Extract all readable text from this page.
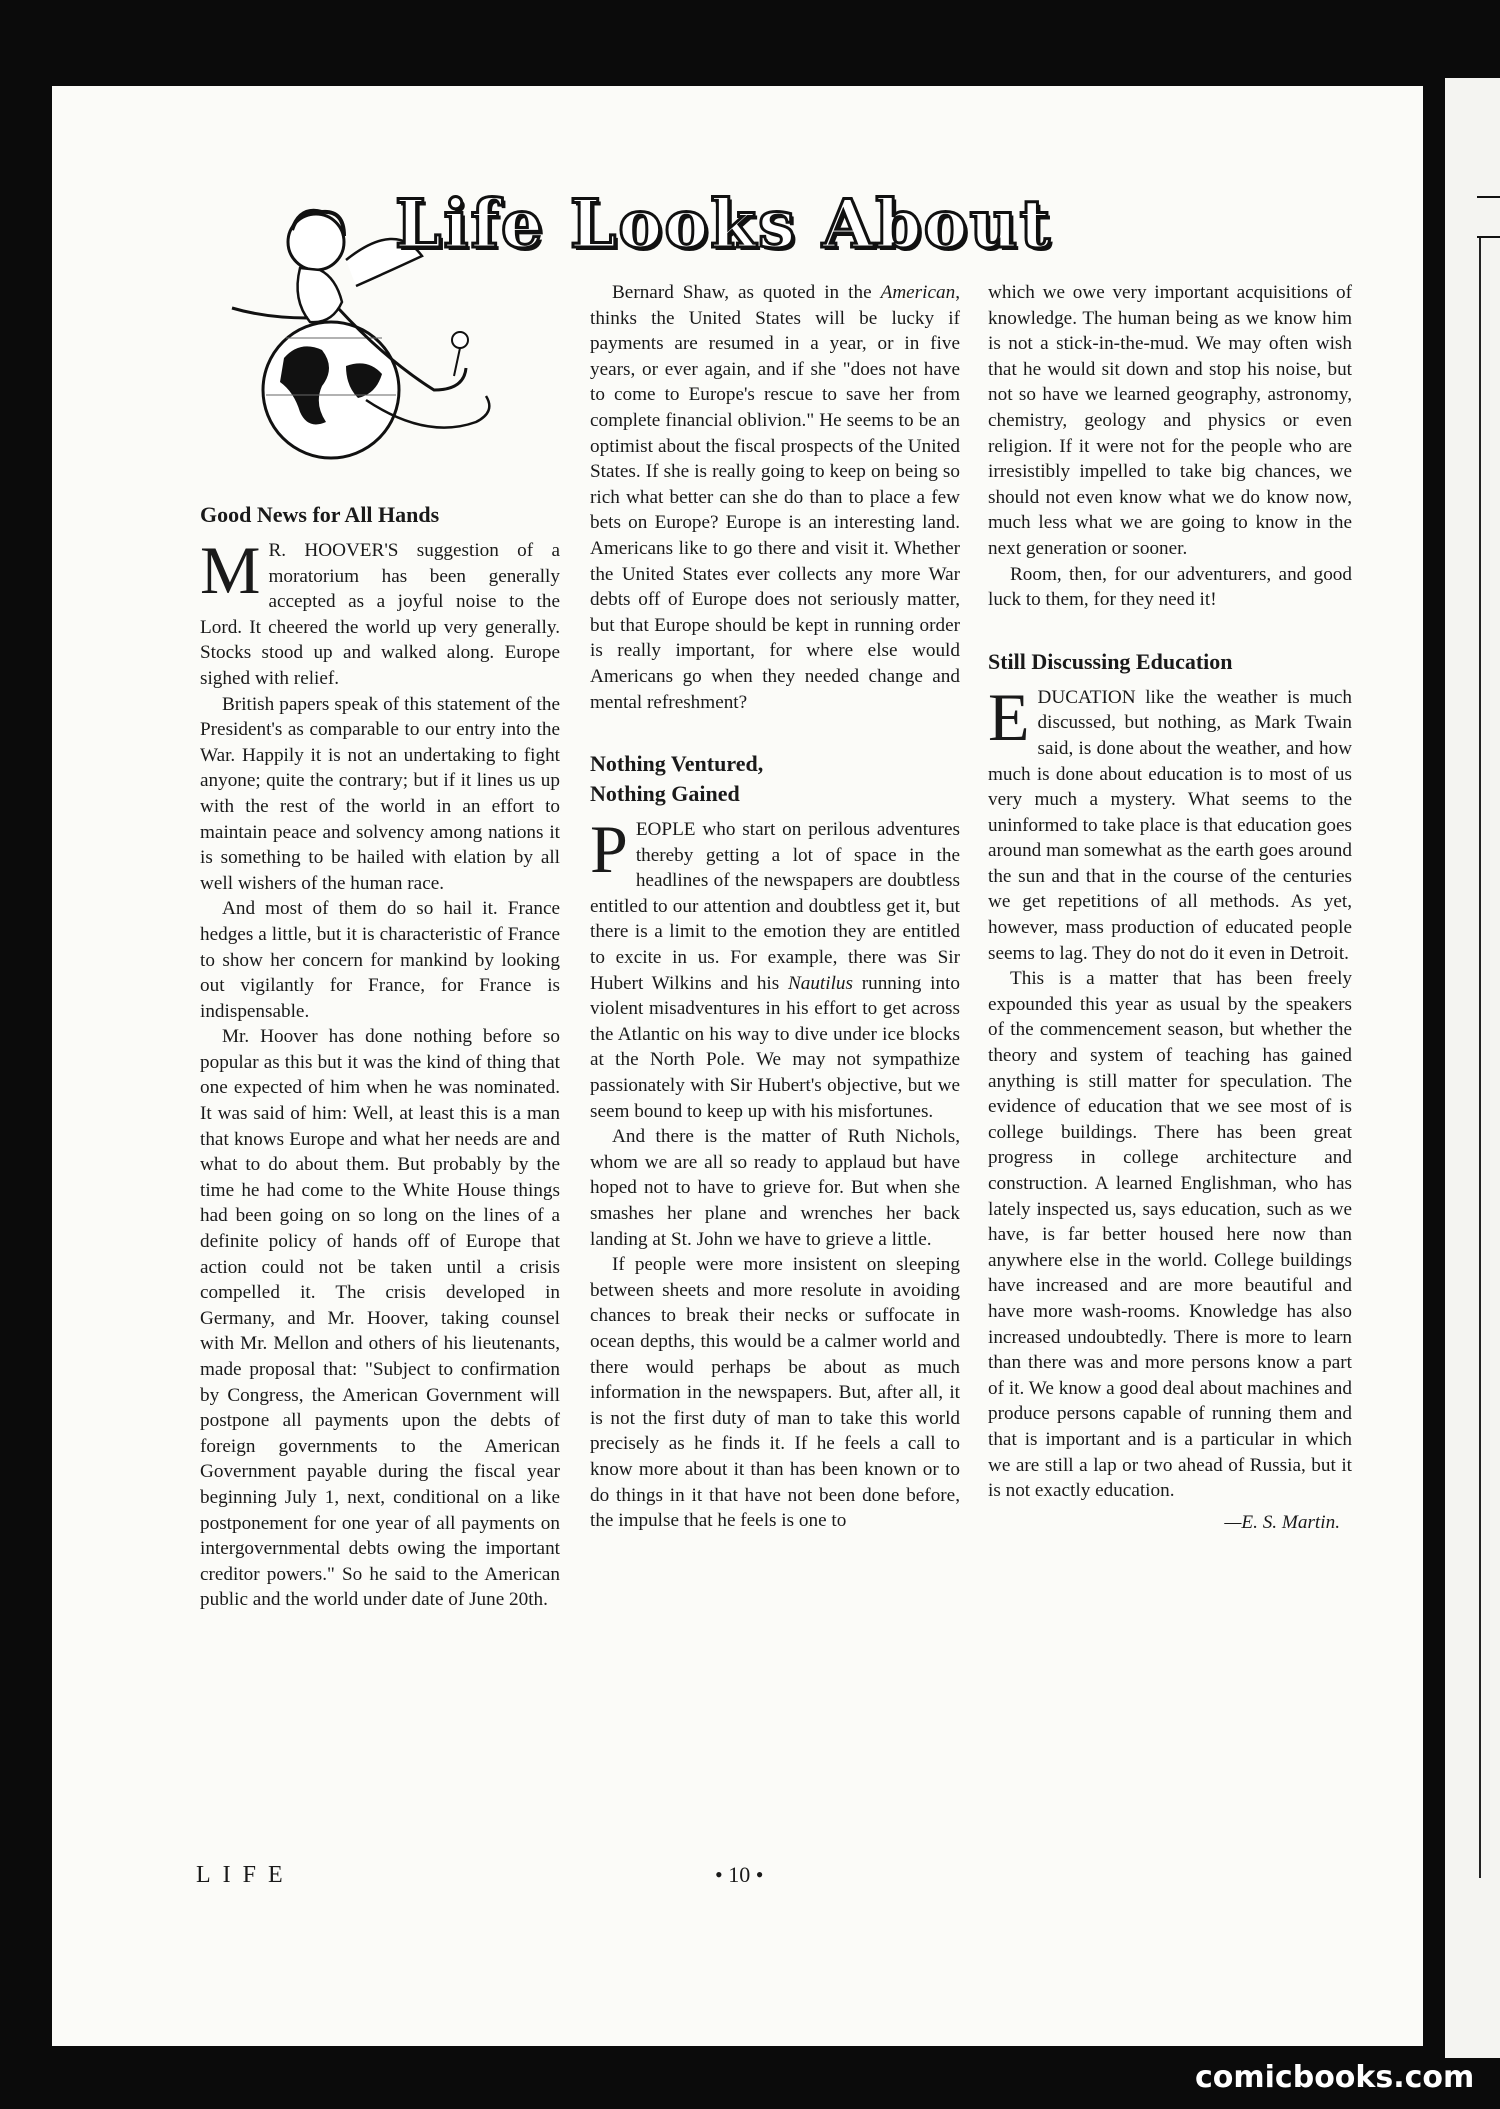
Life Looks About
Good News for All Hands

M R. HOOVER'S suggestion of a moratorium has been generally accepted as a joyful noise to the Lord. It cheered the world up very generally. Stocks stood up and walked along. Europe sighed with relief.

British papers speak of this statement of the President's as comparable to our entry into the War. Happily it is not an undertaking to fight anyone; quite the contrary; but if it lines us up with the rest of the world in an effort to maintain peace and solvency among nations it is something to be hailed with elation by all well wishers of the human race.

And most of them do so hail it. France hedges a little, but it is characteristic of France to show her concern for mankind by looking out vigilantly for France, for France is indispensable.

Mr. Hoover has done nothing before so popular as this but it was the kind of thing that one expected of him when he was nominated. It was said of him: Well, at least this is a man that knows Europe and what her needs are and what to do about them. But probably by the time he had come to the White House things had been going on so long on the lines of a definite policy of hands off of Europe that action could not be taken until a crisis compelled it. The crisis developed in Germany, and Mr. Hoover, taking counsel with Mr. Mellon and others of his lieutenants, made proposal that: "Subject to confirmation by Congress, the American Government will postpone all payments upon the debts of foreign governments to the American Government payable during the fiscal year beginning July 1, next, conditional on a like postponement for one year of all payments on intergovernmental debts owing the important creditor powers." So he said to the American public and the world under date of June 20th.

Bernard Shaw, as quoted in the American, thinks the United States will be lucky if payments are resumed in a year, or in five years, or ever again, and if she "does not have to come to Europe's rescue to save her from complete financial oblivion." He seems to be an optimist about the fiscal prospects of the United States. If she is really going to keep on being so rich what better can she do than to place a few bets on Europe? Europe is an interesting land. Americans like to go there and visit it. Whether the United States ever collects any more War debts off of Europe does not seriously matter, but that Europe should be kept in running order is really important, for where else would Americans go when they needed change and mental refreshment?

Nothing Ventured,
Nothing Gained

PEOPLE who start on perilous adventures thereby getting a lot of space in the headlines of the newspapers are doubtless entitled to our attention and doubtless get it, but there is a limit to the emotion they are entitled to excite in us. For example, there was Sir Hubert Wilkins and his Nautilus running into violent misadventures in his effort to get across the Atlantic on his way to dive under ice blocks at the North Pole. We may not sympathize passionately with Sir Hubert's objective, but we seem bound to keep up with his misfortunes.

And there is the matter of Ruth Nichols, whom we are all so ready to applaud but have hoped not to have to grieve for. But when she smashes her plane and wrenches her back landing at St. John we have to grieve a little.

If people were more insistent on sleeping between sheets and more resolute in avoiding chances to break their necks or suffocate in ocean depths, this would be a calmer world and there would perhaps be about as much information in the newspapers. But, after all, it is not the first duty of man to take this world precisely as he finds it. If he feels a call to know more about it than has been known or to do things in it that have not been done before, the impulse that he feels is one to

which we owe very important acquisitions of knowledge. The human being as we know him is not a stick-in-the-mud. We may often wish that he would sit down and stop his noise, but not so have we learned geography, astronomy, chemistry, geology and physics or even religion. If it were not for the people who are irresistibly impelled to take big chances, we should not even know what we do know now, much less what we are going to know in the next generation or sooner.

Room, then, for our adventurers, and good luck to them, for they need it!

Still Discussing Education

EDUCATION like the weather is much discussed, but nothing, as Mark Twain said, is done about the weather, and how much is done about education is to most of us very much a mystery. What seems to the uninformed to take place is that education goes around man somewhat as the earth goes around the sun and that in the course of the centuries we get repetitions of all methods. As yet, however, mass production of educated people seems to lag. They do not do it even in Detroit.

This is a matter that has been freely expounded this year as usual by the speakers of the commencement season, but whether the theory and system of teaching has gained anything is still matter for speculation. The evidence of education that we see most of is college buildings. There has been great progress in college architecture and construction. A learned Englishman, who has lately inspected us, says education, such as we have, is far better housed here now than anywhere else in the world. College buildings have increased and are more beautiful and have more wash-rooms. Knowledge has also increased undoubtedly. There is more to learn than there was and more persons know a part of it. We know a good deal about machines and produce persons capable of running them and that is important and is a particular in which we are still a lap or two ahead of Russia, but it is not exactly education.

—E. S. Martin.
LIFE	• 10 •
comicbooks.com
